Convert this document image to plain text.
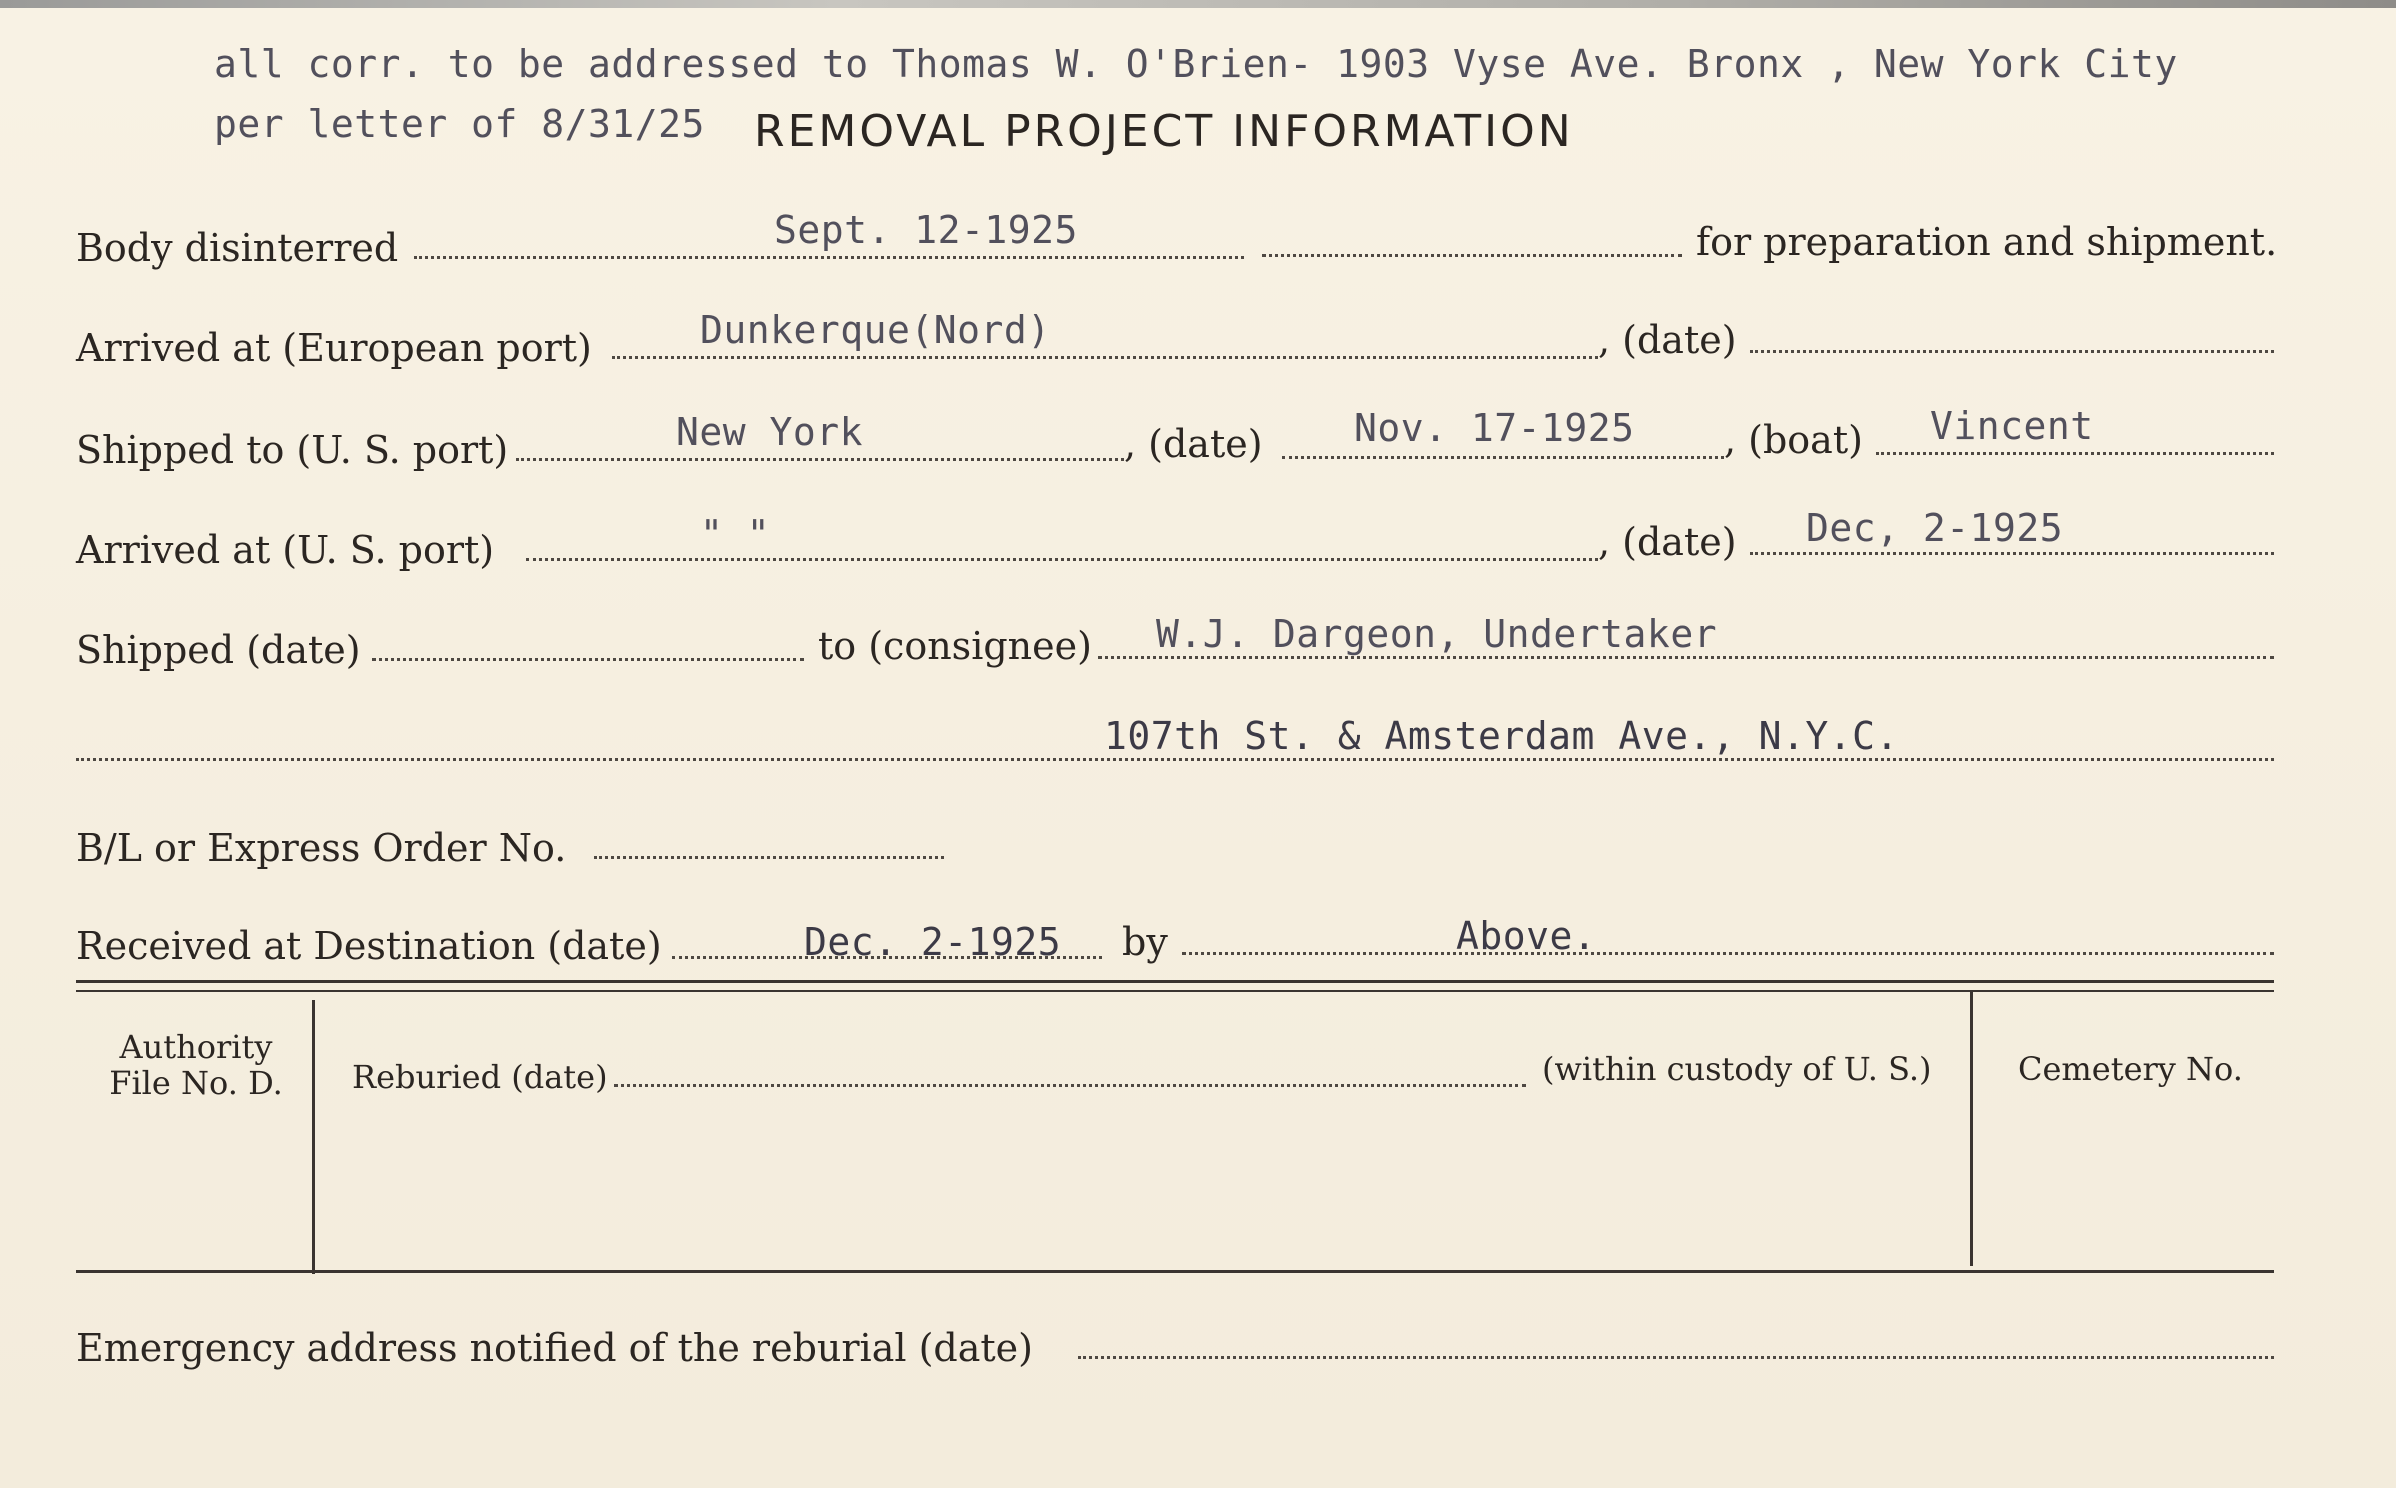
all corr. to be addressed to Thomas W. O'Brien- 1903 Vyse Ave. Bronx , New York City
per letter of 8/31/25 REMOVAL PROJECT INFORMATION
Body disinterred	Sept. 12-1925	for preparation and shipment.
Arrived at (European port)	Dunkerque(Nord)	, (date)
Shipped to (U. S. port)	New York	, (date) Nov. 17-1925 , (boat) Vincent
Arrived at (U. S. port)	" "	, (date) Dec, 2-1925
Shipped (date)	to (consignee) W.J. Dargeon, Undertaker
107th St. & Amsterdam Ave., N.Y.C.
B/L or Express Order No.
Received at Destination (date)	Dec. 2-1925 by	Above.
Authority
File No. D.	Reburied (date)	(within custody of U. S.)	Cemetery No.
Emergency address notified of the reburial (date)
